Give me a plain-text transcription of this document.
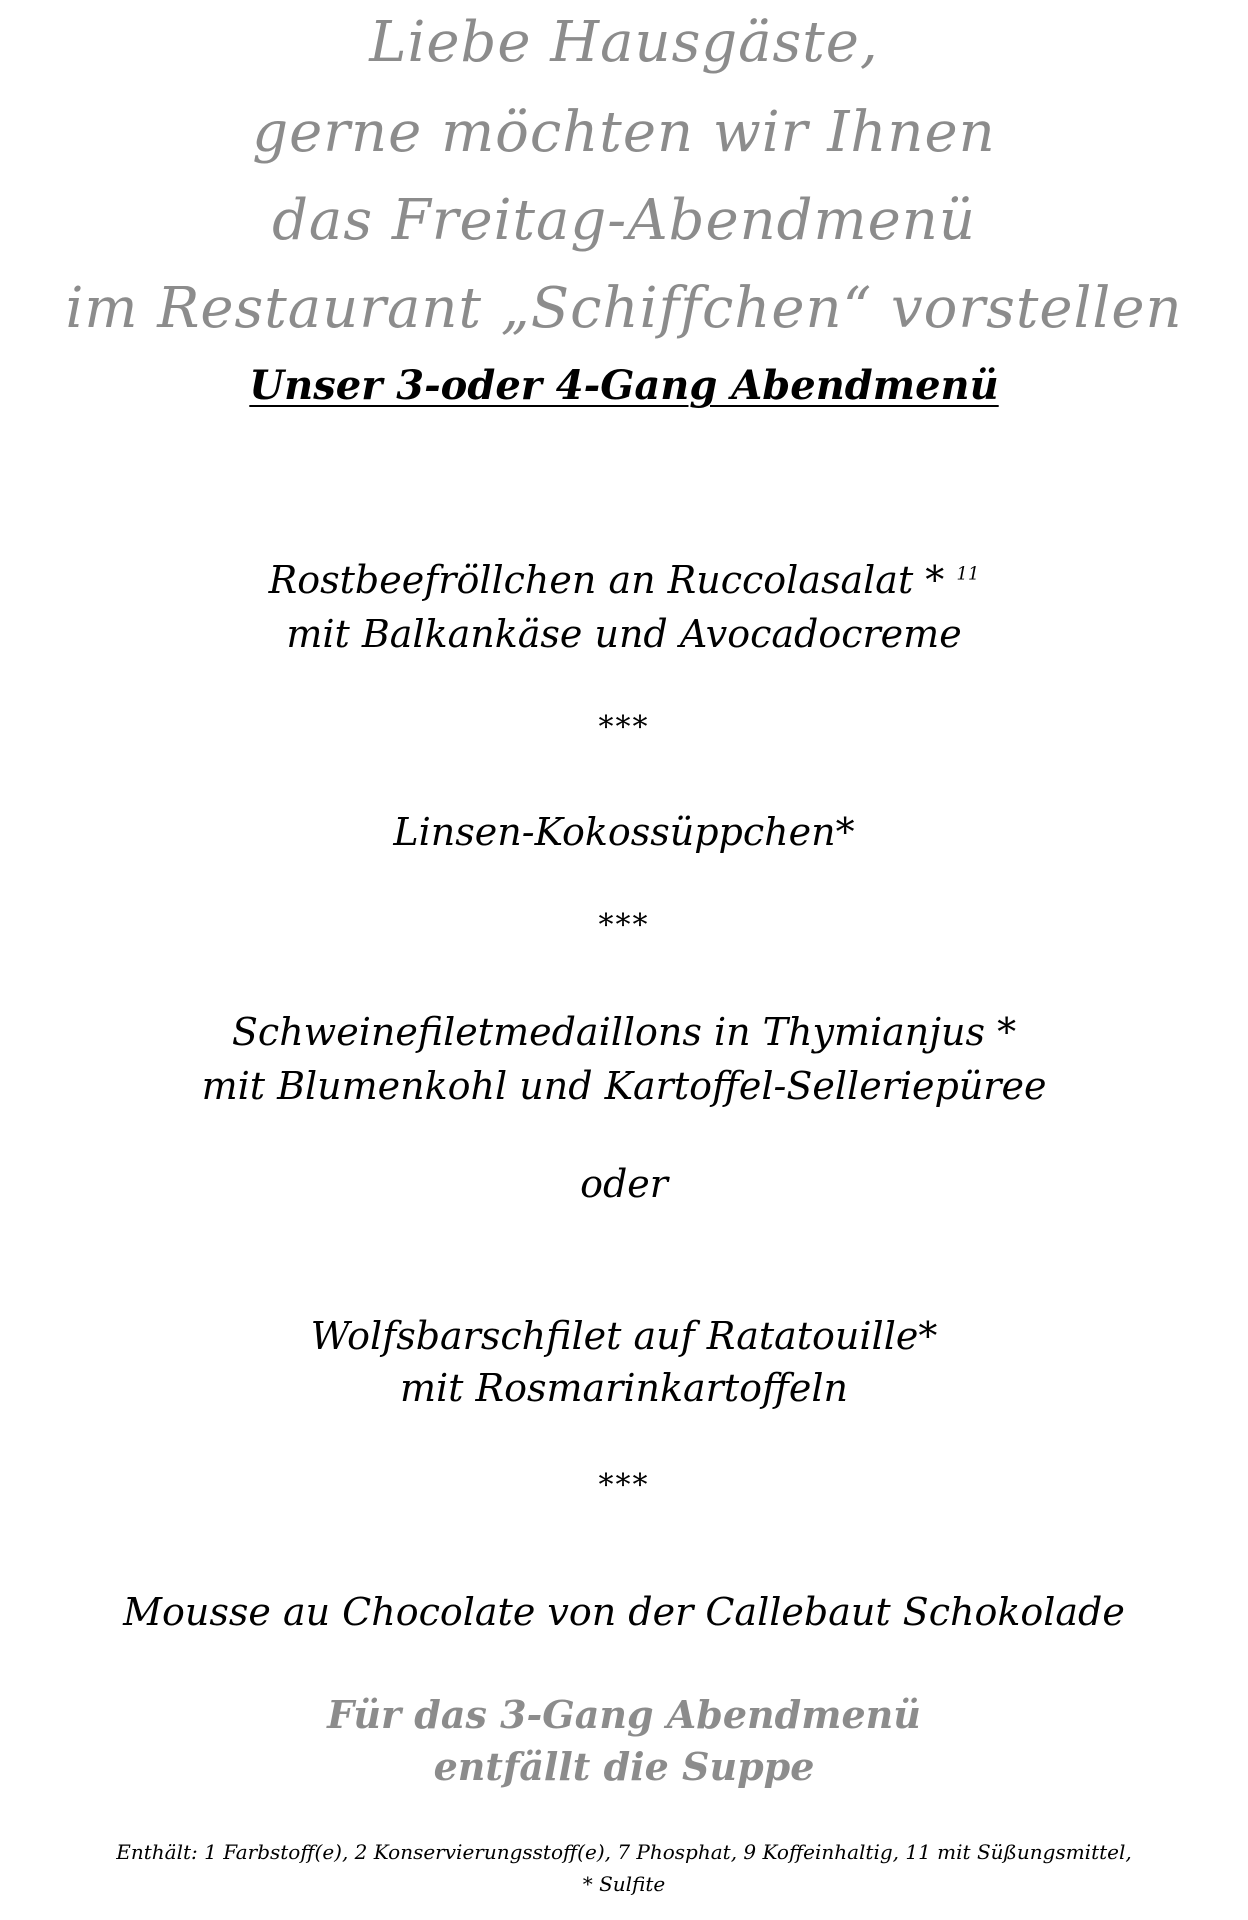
Liebe Hausgäste,
gerne möchten wir Ihnen
das Freitag-Abendmenü
im Restaurant „Schiffchen“ vorstellen
Unser 3-oder 4-Gang Abendmenü
Rostbeefröllchen an Ruccolasalat * $^{11}$
mit Balkankäse und Avocadocreme
***
Linsen-Kokossüppchen*
***
Schweinefiletmedaillons in Thymianjus *
mit Blumenkohl und Kartoffel-Selleriepüree
oder
Wolfsbarschfilet auf Ratatouille*
mit Rosmarinkartoffeln
***
Mousse au Chocolate von der Callebaut Schokolade
Für das 3-Gang Abendmenü
entfällt die Suppe
Enthält: 1 Farbstoff(e), 2 Konservierungsstoff(e), 7 Phosphat, 9 Koffeinhaltig, 11 mit Süßungsmittel,
* Sulfite
